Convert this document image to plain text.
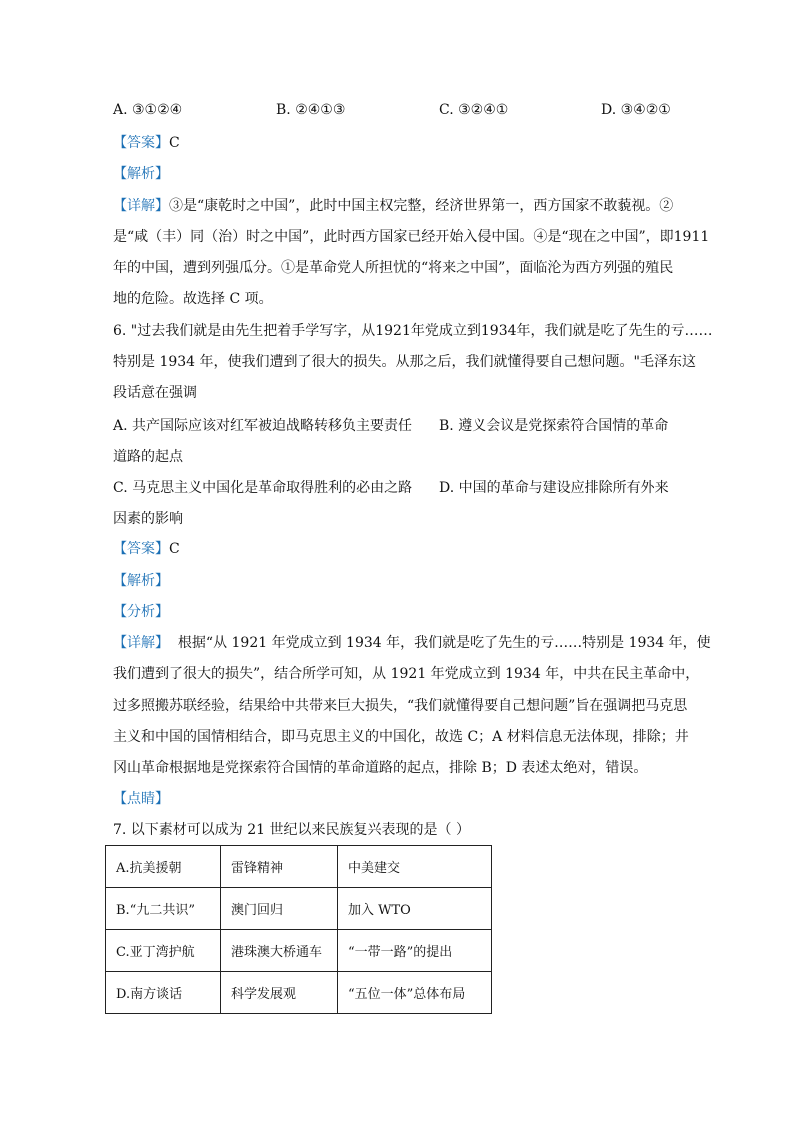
A. ③①②④	B. ②④①③	C. ③②④①	D. ③④②①
【答案】C
【解析】
【详解】③是“康乾时之中国”，此时中国主权完整，经济世界第一，西方国家不敢藐视。②
是“咸（丰）同（治）时之中国”，此时西方国家已经开始入侵中国。④是“现在之中国”，即1911
年的中国，遭到列强瓜分。①是革命党人所担忧的“将来之中国”，面临沦为西方列强的殖民
地的危险。故选择 C 项。
6. "过去我们就是由先生把着手学写字，从1921年党成立到1934年，我们就是吃了先生的亏……
特别是 1934 年，使我们遭到了很大的损失。从那之后，我们就懂得要自己想问题。"毛泽东这
段话意在强调
A. 共产国际应该对红军被迫战略转移负主要责任 B. 遵义会议是党探索符合国情的革命
道路的起点
C. 马克思主义中国化是革命取得胜利的必由之路 D. 中国的革命与建设应排除所有外来
因素的影响
【答案】C
【解析】
【分析】
【详解】 根据“从 1921 年党成立到 1934 年，我们就是吃了先生的亏……特别是 1934 年，使
我们遭到了很大的损失”，结合所学可知，从 1921 年党成立到 1934 年，中共在民主革命中，
过多照搬苏联经验，结果给中共带来巨大损失，“我们就懂得要自己想问题”旨在强调把马克思
主义和中国的国情相结合，即马克思主义的中国化，故选 C；A 材料信息无法体现，排除；井
冈山革命根据地是党探索符合国情的革命道路的起点，排除 B；D 表述太绝对，错误。
【点睛】
7. 以下素材可以成为 21 世纪以来民族复兴表现的是（ ）
A.抗美援朝	雷锋精神	中美建交
B.“九二共识”	澳门回归	加入 WTO
C.亚丁湾护航	港珠澳大桥通车	“一带一路”的提出
D.南方谈话	科学发展观	“五位一体”总体布局
